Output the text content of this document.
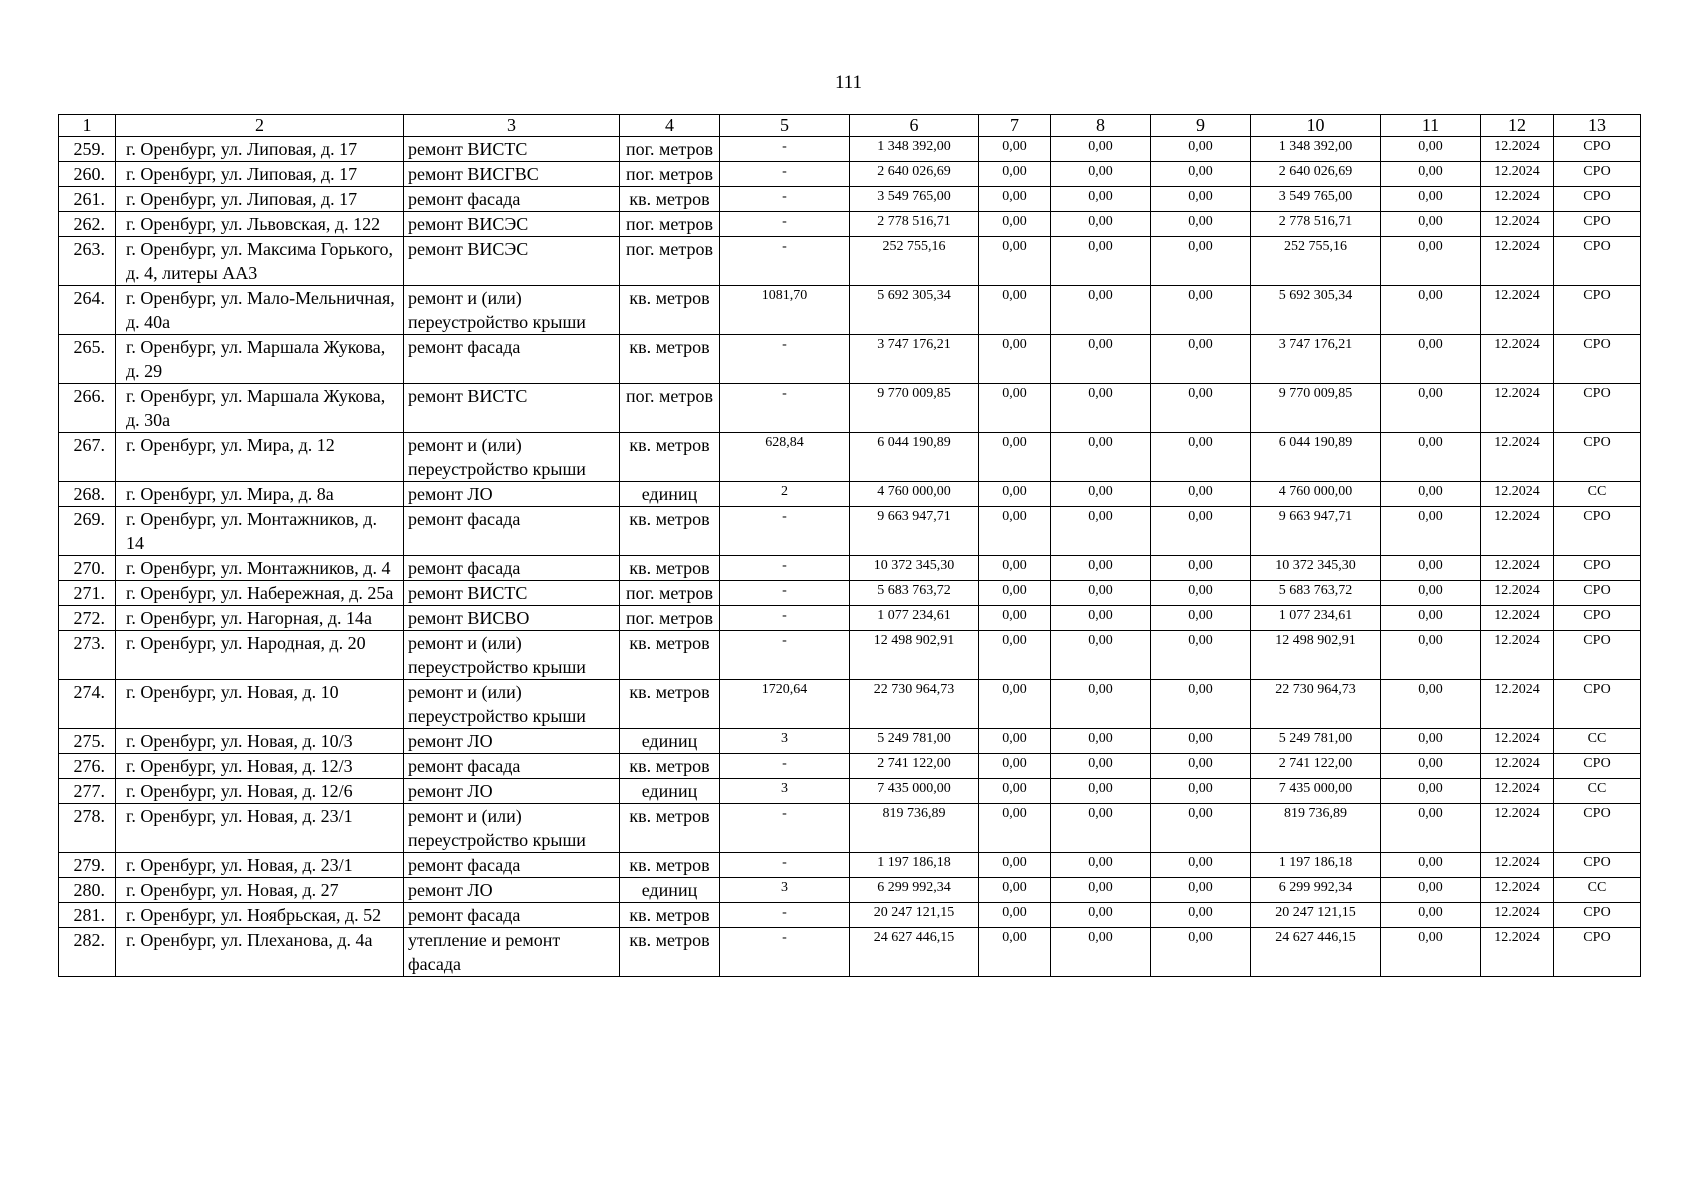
111
1	2	3	4	5	6	7	8	9	10	11	12	13
259.	г. Оренбург, ул. Липовая, д. 17	ремонт ВИСТС	пог. метров	-	1 348 392,00	0,00	0,00	0,00	1 348 392,00	0,00	12.2024	СРО
260.	г. Оренбург, ул. Липовая, д. 17	ремонт ВИСГВС	пог. метров	-	2 640 026,69	0,00	0,00	0,00	2 640 026,69	0,00	12.2024	СРО
261.	г. Оренбург, ул. Липовая, д. 17	ремонт фасада	кв. метров	-	3 549 765,00	0,00	0,00	0,00	3 549 765,00	0,00	12.2024	СРО
262.	г. Оренбург, ул. Львовская, д. 122	ремонт ВИСЭС	пог. метров	-	2 778 516,71	0,00	0,00	0,00	2 778 516,71	0,00	12.2024	СРО
263.	г. Оренбург, ул. Максима Горького, д. 4, литеры АА3	ремонт ВИСЭС	пог. метров	-	252 755,16	0,00	0,00	0,00	252 755,16	0,00	12.2024	СРО
264.	г. Оренбург, ул. Мало-Мельничная, д. 40а	ремонт и (или) переустройство крыши	кв. метров	1081,70	5 692 305,34	0,00	0,00	0,00	5 692 305,34	0,00	12.2024	СРО
265.	г. Оренбург, ул. Маршала Жукова, д. 29	ремонт фасада	кв. метров	-	3 747 176,21	0,00	0,00	0,00	3 747 176,21	0,00	12.2024	СРО
266.	г. Оренбург, ул. Маршала Жукова, д. 30а	ремонт ВИСТС	пог. метров	-	9 770 009,85	0,00	0,00	0,00	9 770 009,85	0,00	12.2024	СРО
267.	г. Оренбург, ул. Мира, д. 12	ремонт и (или) переустройство крыши	кв. метров	628,84	6 044 190,89	0,00	0,00	0,00	6 044 190,89	0,00	12.2024	СРО
268.	г. Оренбург, ул. Мира, д. 8а	ремонт ЛО	единиц	2	4 760 000,00	0,00	0,00	0,00	4 760 000,00	0,00	12.2024	СС
269.	г. Оренбург, ул. Монтажников, д. 14	ремонт фасада	кв. метров	-	9 663 947,71	0,00	0,00	0,00	9 663 947,71	0,00	12.2024	СРО
270.	г. Оренбург, ул. Монтажников, д. 4	ремонт фасада	кв. метров	-	10 372 345,30	0,00	0,00	0,00	10 372 345,30	0,00	12.2024	СРО
271.	г. Оренбург, ул. Набережная, д. 25а	ремонт ВИСТС	пог. метров	-	5 683 763,72	0,00	0,00	0,00	5 683 763,72	0,00	12.2024	СРО
272.	г. Оренбург, ул. Нагорная, д. 14а	ремонт ВИСВО	пог. метров	-	1 077 234,61	0,00	0,00	0,00	1 077 234,61	0,00	12.2024	СРО
273.	г. Оренбург, ул. Народная, д. 20	ремонт и (или) переустройство крыши	кв. метров	-	12 498 902,91	0,00	0,00	0,00	12 498 902,91	0,00	12.2024	СРО
274.	г. Оренбург, ул. Новая, д. 10	ремонт и (или) переустройство крыши	кв. метров	1720,64	22 730 964,73	0,00	0,00	0,00	22 730 964,73	0,00	12.2024	СРО
275.	г. Оренбург, ул. Новая, д. 10/3	ремонт ЛО	единиц	3	5 249 781,00	0,00	0,00	0,00	5 249 781,00	0,00	12.2024	СС
276.	г. Оренбург, ул. Новая, д. 12/3	ремонт фасада	кв. метров	-	2 741 122,00	0,00	0,00	0,00	2 741 122,00	0,00	12.2024	СРО
277.	г. Оренбург, ул. Новая, д. 12/6	ремонт ЛО	единиц	3	7 435 000,00	0,00	0,00	0,00	7 435 000,00	0,00	12.2024	СС
278.	г. Оренбург, ул. Новая, д. 23/1	ремонт и (или) переустройство крыши	кв. метров	-	819 736,89	0,00	0,00	0,00	819 736,89	0,00	12.2024	СРО
279.	г. Оренбург, ул. Новая, д. 23/1	ремонт фасада	кв. метров	-	1 197 186,18	0,00	0,00	0,00	1 197 186,18	0,00	12.2024	СРО
280.	г. Оренбург, ул. Новая, д. 27	ремонт ЛО	единиц	3	6 299 992,34	0,00	0,00	0,00	6 299 992,34	0,00	12.2024	СС
281.	г. Оренбург, ул. Ноябрьская, д. 52	ремонт фасада	кв. метров	-	20 247 121,15	0,00	0,00	0,00	20 247 121,15	0,00	12.2024	СРО
282.	г. Оренбург, ул. Плеханова, д. 4а	утепление и ремонт фасада	кв. метров	-	24 627 446,15	0,00	0,00	0,00	24 627 446,15	0,00	12.2024	СРО
